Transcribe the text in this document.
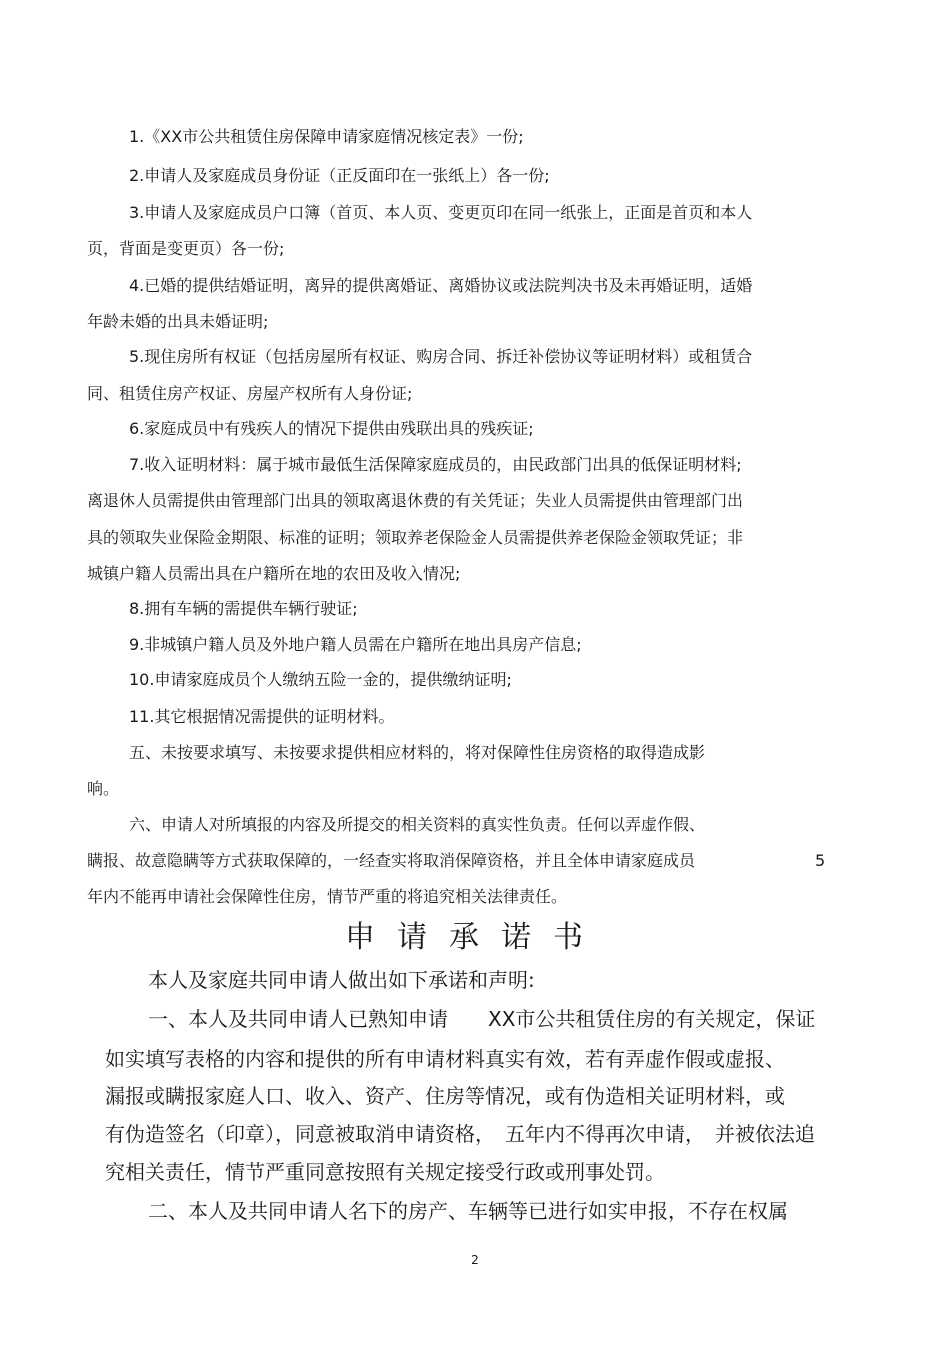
1.《XX市公共租赁住房保障申请家庭情况核定表》一份;
2.申请人及家庭成员身份证（正反面印在一张纸上）各一份;
3.申请人及家庭成员户口簿（首页、本人页、变更页印在同一纸张上，正面是首页和本人
页，背面是变更页）各一份;
4.已婚的提供结婚证明，离异的提供离婚证、离婚协议或法院判决书及未再婚证明，适婚
年龄未婚的出具未婚证明;
5.现住房所有权证（包括房屋所有权证、购房合同、拆迁补偿协议等证明材料）或租赁合
同、租赁住房产权证、房屋产权所有人身份证;
6.家庭成员中有残疾人的情况下提供由残联出具的残疾证;
7.收入证明材料：属于城市最低生活保障家庭成员的，由民政部门出具的低保证明材料;
离退休人员需提供由管理部门出具的领取离退休费的有关凭证；失业人员需提供由管理部门出
具的领取失业保险金期限、标准的证明；领取养老保险金人员需提供养老保险金领取凭证；非
城镇户籍人员需出具在户籍所在地的农田及收入情况;
8.拥有车辆的需提供车辆行驶证;
9.非城镇户籍人员及外地户籍人员需在户籍所在地出具房产信息;
10.申请家庭成员个人缴纳五险一金的，提供缴纳证明;
11.其它根据情况需提供的证明材料。
五、未按要求填写、未按要求提供相应材料的，将对保障性住房资格的取得造成影
响。
六、申请人对所填报的内容及所提交的相关资料的真实性负责。任何以弄虚作假、
瞒报、故意隐瞒等方式获取保障的，一经查实将取消保障资格，并且全体申请家庭成员	5
年内不能再申请社会保障性住房，情节严重的将追究相关法律责任。
申请承诺书
本人及家庭共同申请人做出如下承诺和声明:
一、本人及共同申请人已熟知申请　　XX市公共租赁住房的有关规定，保证
如实填写表格的内容和提供的所有申请材料真实有效，若有弄虚作假或虚报、
漏报或瞒报家庭人口、收入、资产、住房等情况，或有伪造相关证明材料，或
有伪造签名（印章），同意被取消申请资格，　五年内不得再次申请，　并被依法追
究相关责任，情节严重同意按照有关规定接受行政或刑事处罚。
二、本人及共同申请人名下的房产、车辆等已进行如实申报，不存在权属
2
